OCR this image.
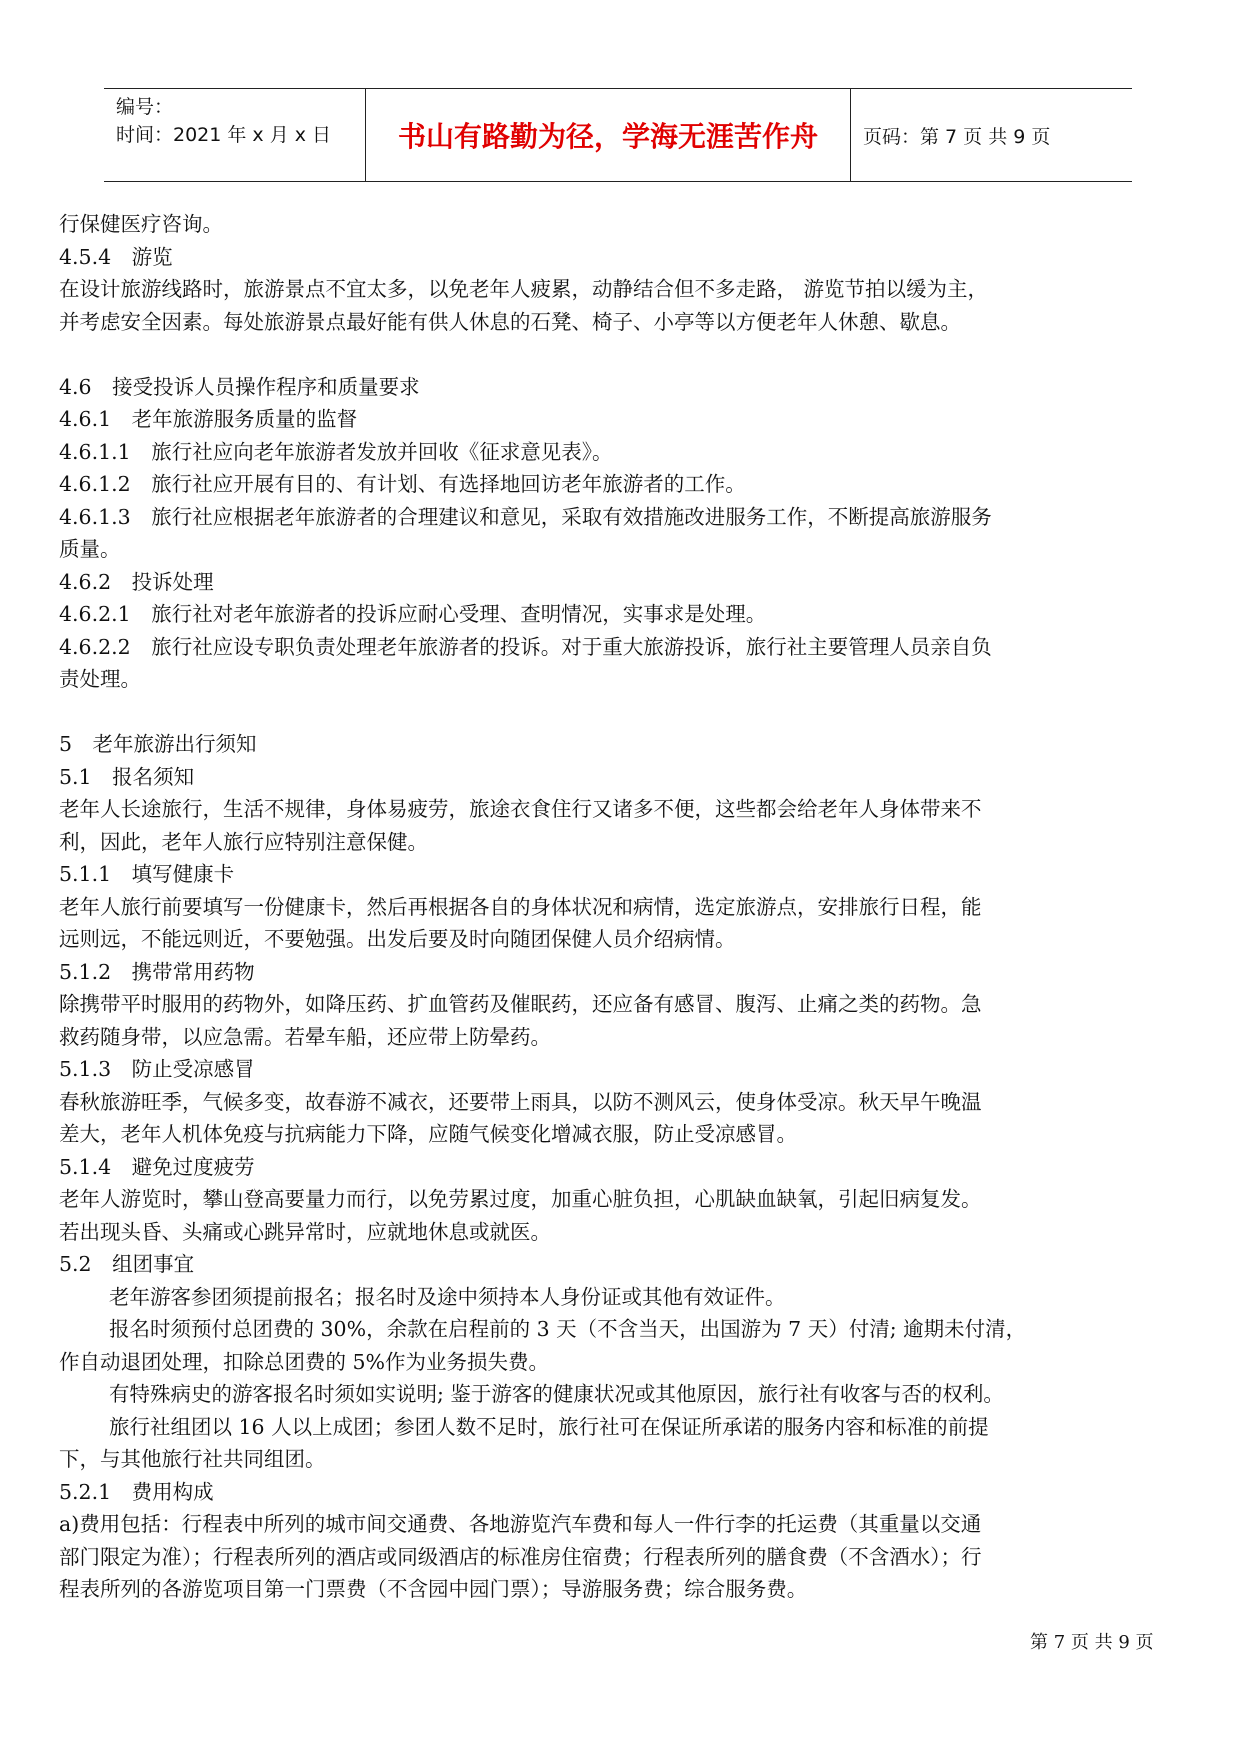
编号：
时间：2021 年 x 月 x 日	书山有路勤为径，学海无涯苦作舟	页码：第 7 页 共 9 页
行保健医疗咨询。
4.5.4　游览
在设计旅游线路时，旅游景点不宜太多，以免老年人疲累，动静结合但不多走路， 游览节拍以缓为主，
并考虑安全因素。每处旅游景点最好能有供人休息的石凳、椅子、小亭等以方便老年人休憩、歇息。
4.6　接受投诉人员操作程序和质量要求
4.6.1　老年旅游服务质量的监督
4.6.1.1　旅行社应向老年旅游者发放并回收《征求意见表》。
4.6.1.2　旅行社应开展有目的、有计划、有选择地回访老年旅游者的工作。
4.6.1.3　旅行社应根据老年旅游者的合理建议和意见，采取有效措施改进服务工作，不断提高旅游服务
质量。
4.6.2　投诉处理
4.6.2.1　旅行社对老年旅游者的投诉应耐心受理、查明情况，实事求是处理。
4.6.2.2　旅行社应设专职负责处理老年旅游者的投诉。对于重大旅游投诉，旅行社主要管理人员亲自负
责处理。
5　老年旅游出行须知
5.1　报名须知
老年人长途旅行，生活不规律，身体易疲劳，旅途衣食住行又诸多不便，这些都会给老年人身体带来不
利，因此，老年人旅行应特别注意保健。
5.1.1　填写健康卡
老年人旅行前要填写一份健康卡，然后再根据各自的身体状况和病情，选定旅游点，安排旅行日程，能
远则远，不能远则近，不要勉强。出发后要及时向随团保健人员介绍病情。
5.1.2　携带常用药物
除携带平时服用的药物外，如降压药、扩血管药及催眠药，还应备有感冒、腹泻、止痛之类的药物。急
救药随身带，以应急需。若晕车船，还应带上防晕药。
5.1.3　防止受凉感冒
春秋旅游旺季，气候多变，故春游不减衣，还要带上雨具，以防不测风云，使身体受凉。秋天早午晚温
差大，老年人机体免疫与抗病能力下降，应随气候变化增减衣服，防止受凉感冒。
5.1.4　避免过度疲劳
老年人游览时，攀山登高要量力而行，以免劳累过度，加重心脏负担，心肌缺血缺氧，引起旧病复发。
若出现头昏、头痛或心跳异常时，应就地休息或就医。
5.2　组团事宜
老年游客参团须提前报名；报名时及途中须持本人身份证或其他有效证件。
报名时须预付总团费的 30%，余款在启程前的 3 天（不含当天，出国游为 7 天）付清; 逾期未付清，
作自动退团处理，扣除总团费的 5%作为业务损失费。
有特殊病史的游客报名时须如实说明; 鉴于游客的健康状况或其他原因，旅行社有收客与否的权利。
旅行社组团以 16 人以上成团；参团人数不足时，旅行社可在保证所承诺的服务内容和标准的前提
下，与其他旅行社共同组团。
5.2.1　费用构成
a)费用包括：行程表中所列的城市间交通费、各地游览汽车费和每人一件行李的托运费（其重量以交通
部门限定为准）；行程表所列的酒店或同级酒店的标准房住宿费；行程表所列的膳食费（不含酒水）；行
程表所列的各游览项目第一门票费（不含园中园门票）；导游服务费；综合服务费。
第 7 页 共 9 页
